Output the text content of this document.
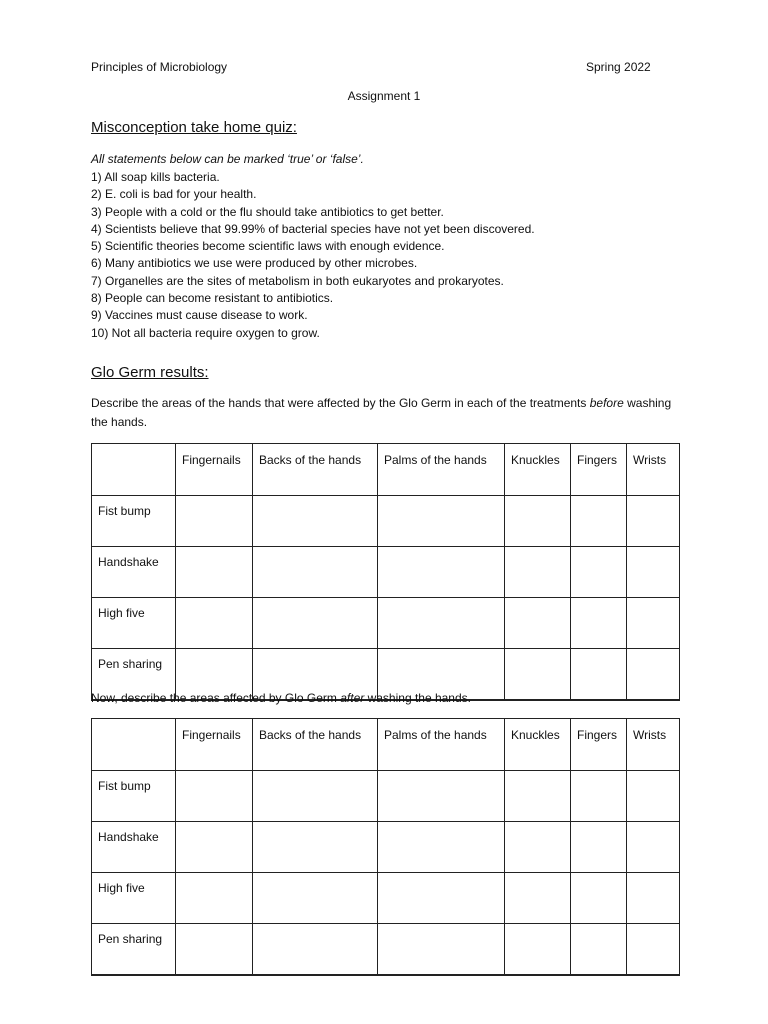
Principles of Microbiology	Spring 2022
Assignment 1
Misconception take home quiz:
All statements below can be marked ‘true’ or ‘false’.
1) All soap kills bacteria.
2) E. coli is bad for your health.
3) People with a cold or the flu should take antibiotics to get better.
4) Scientists believe that 99.99% of bacterial species have not yet been discovered.
5) Scientific theories become scientific laws with enough evidence.
6) Many antibiotics we use were produced by other microbes.
7) Organelles are the sites of metabolism in both eukaryotes and prokaryotes.
8) People can become resistant to antibiotics.
9) Vaccines must cause disease to work.
10) Not all bacteria require oxygen to grow.
Glo Germ results:
Describe the areas of the hands that were affected by the Glo Germ in each of the treatments before washing the hands.
	Fingernails	Backs of the hands	Palms of the hands	Knuckles	Fingers	Wrists
Fist bump						
Handshake						
High five						
Pen sharing						
Now, describe the areas affected by Glo Germ after washing the hands.
	Fingernails	Backs of the hands	Palms of the hands	Knuckles	Fingers	Wrists
Fist bump						
Handshake						
High five						
Pen sharing						
